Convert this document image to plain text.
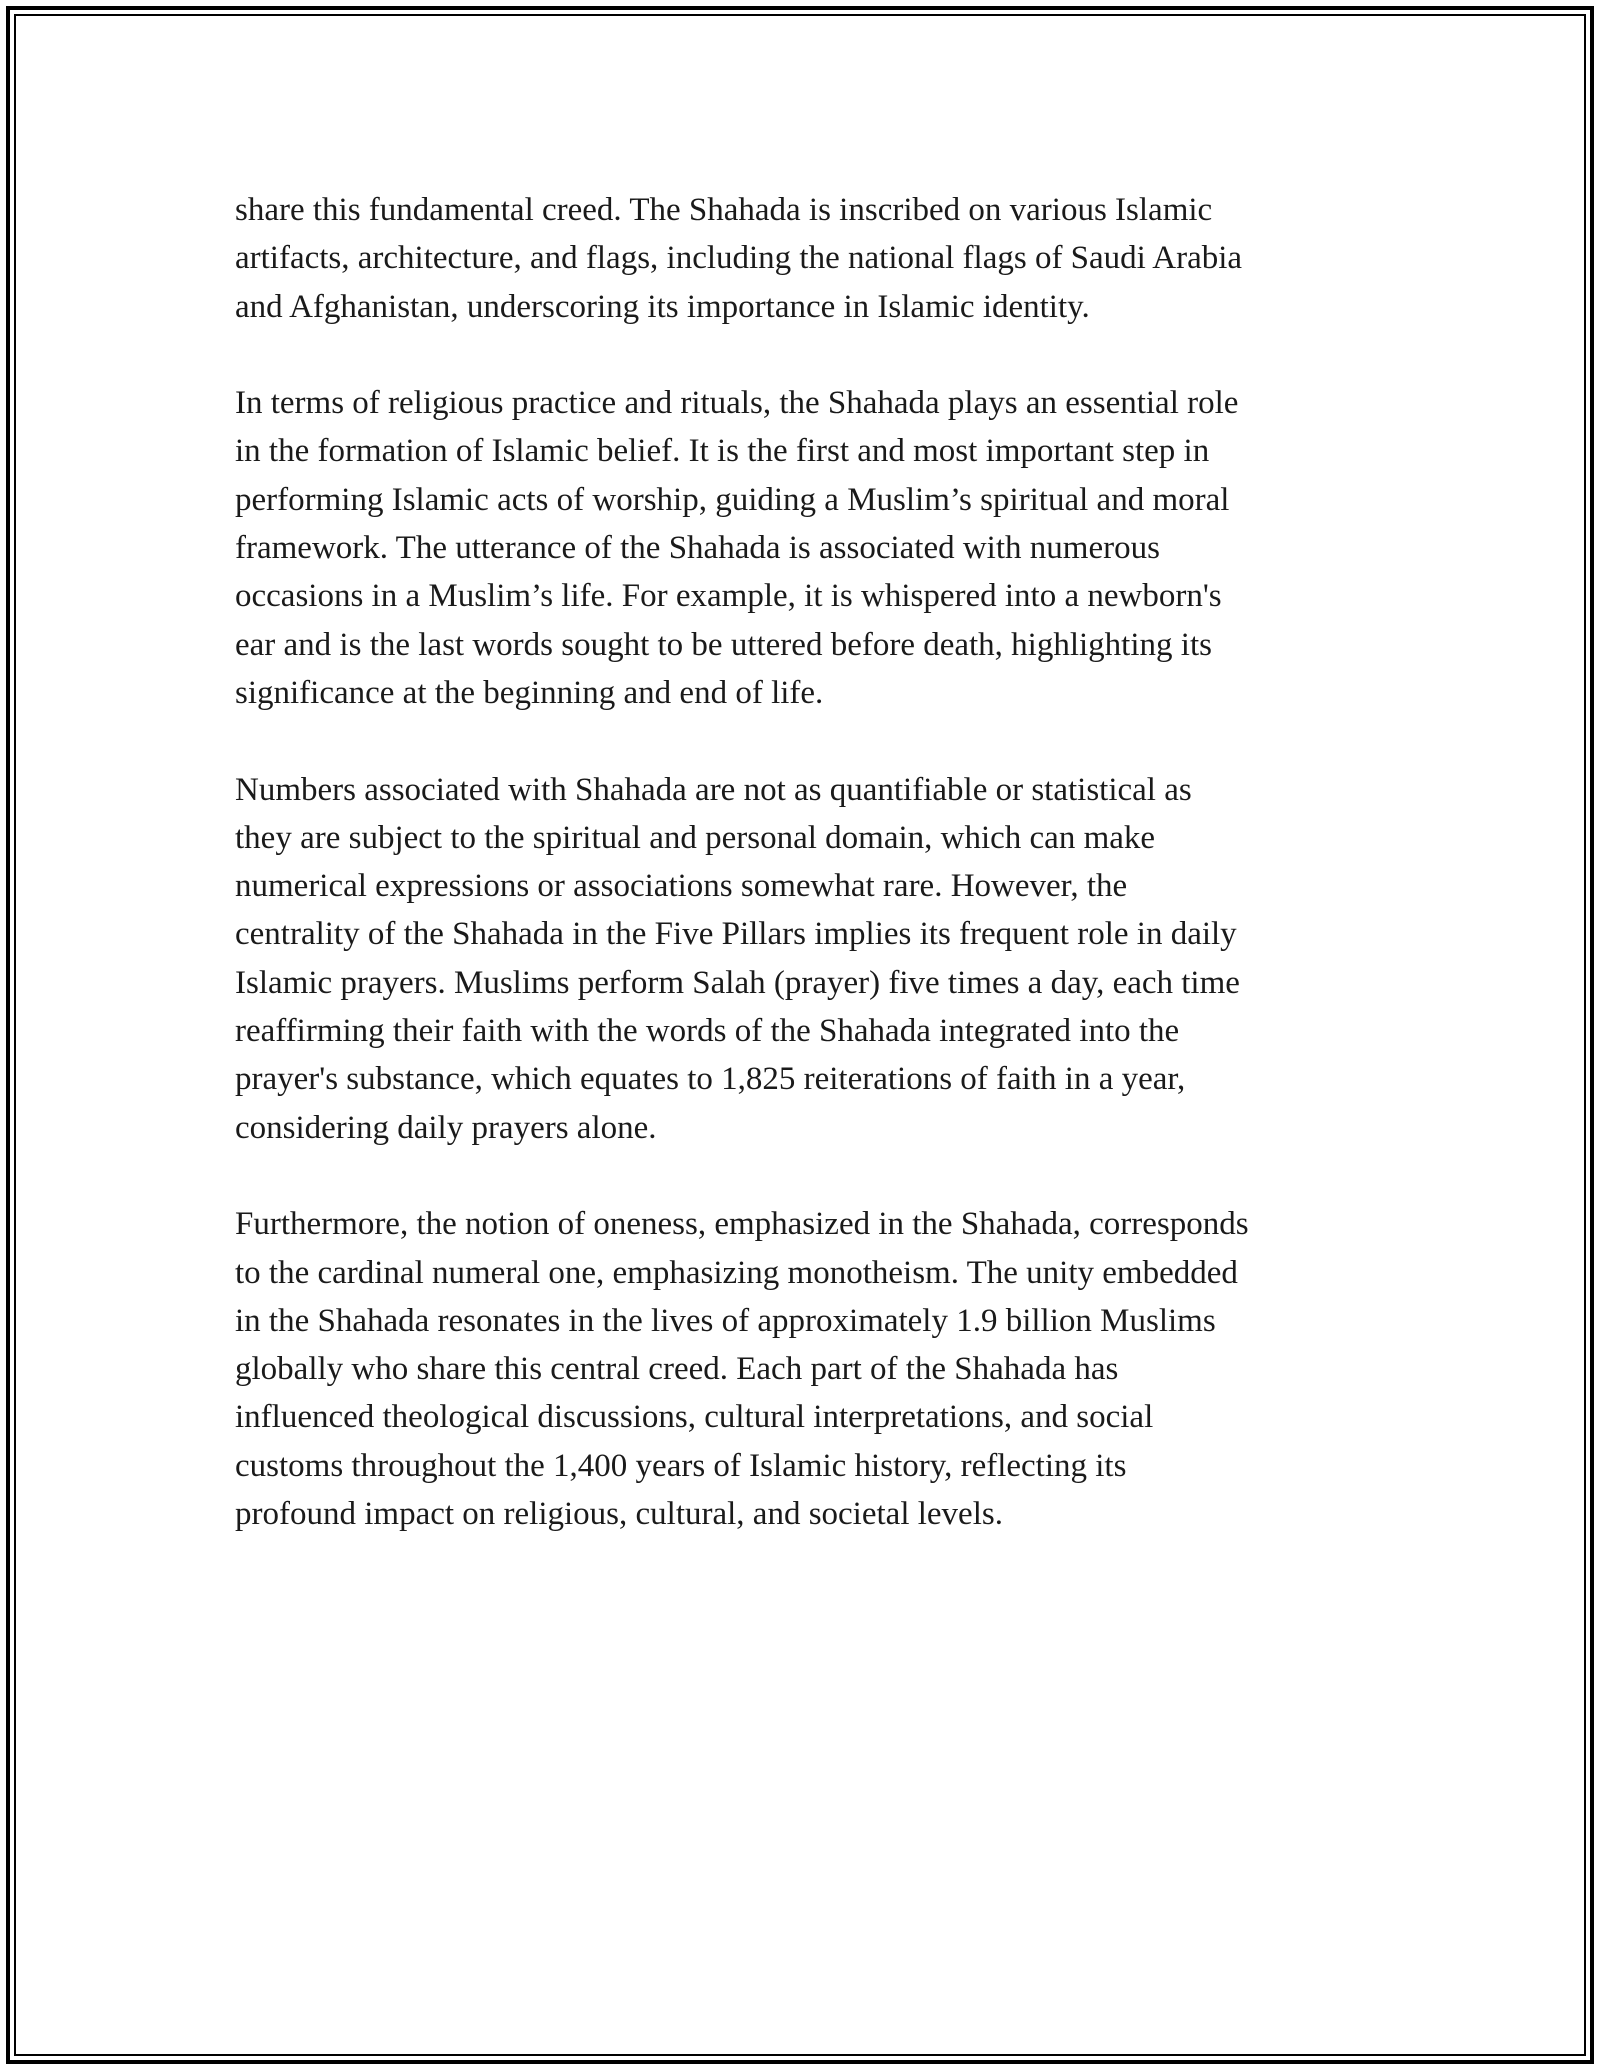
share this fundamental creed. The Shahada is inscribed on various Islamic
artifacts, architecture, and flags, including the national flags of Saudi Arabia
and Afghanistan, underscoring its importance in Islamic identity.
In terms of religious practice and rituals, the Shahada plays an essential role
in the formation of Islamic belief. It is the first and most important step in
performing Islamic acts of worship, guiding a Muslim’s spiritual and moral
framework. The utterance of the Shahada is associated with numerous
occasions in a Muslim’s life. For example, it is whispered into a newborn's
ear and is the last words sought to be uttered before death, highlighting its
significance at the beginning and end of life.
Numbers associated with Shahada are not as quantifiable or statistical as
they are subject to the spiritual and personal domain, which can make
numerical expressions or associations somewhat rare. However, the
centrality of the Shahada in the Five Pillars implies its frequent role in daily
Islamic prayers. Muslims perform Salah (prayer) five times a day, each time
reaffirming their faith with the words of the Shahada integrated into the
prayer's substance, which equates to 1,825 reiterations of faith in a year,
considering daily prayers alone.
Furthermore, the notion of oneness, emphasized in the Shahada, corresponds
to the cardinal numeral one, emphasizing monotheism. The unity embedded
in the Shahada resonates in the lives of approximately 1.9 billion Muslims
globally who share this central creed. Each part of the Shahada has
influenced theological discussions, cultural interpretations, and social
customs throughout the 1,400 years of Islamic history, reflecting its
profound impact on religious, cultural, and societal levels.
